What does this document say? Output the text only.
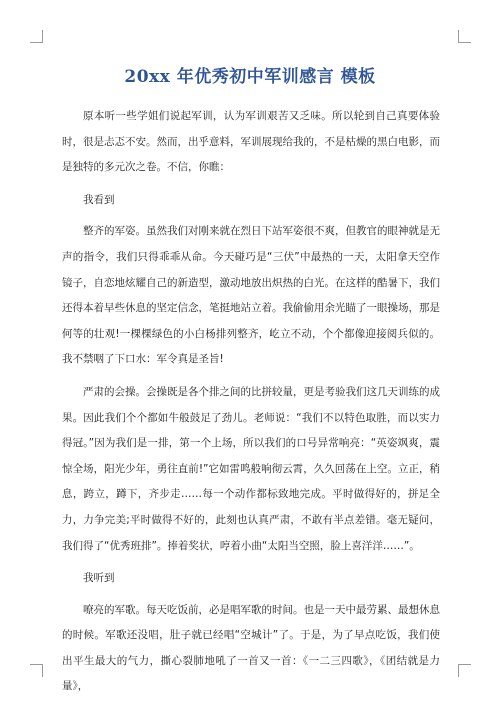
20xx 年优秀初中军训感言 模板

原本听一些学姐们说起军训，认为军训艰苦又乏味。所以轮到自己真要体验时，很是忐忑不安。然而，出乎意料，军训展现给我的，不是枯燥的黑白电影，而是独特的多元次之卷。不信，你瞧：

我看到

整齐的军姿。虽然我们对刚来就在烈日下站军姿很不爽，但教官的眼神就是无声的指令，我们只得乖乖从命。今天碰巧是“三伏”中最热的一天，太阳拿天空作镜子，自恋地炫耀自己的新造型，激动地放出炽热的白光。在这样的酷暑下，我们还得本着早些休息的坚定信念，笔挺地站立着。我偷偷用余光瞄了一眼操场，那是何等的壮观!一棵棵绿色的小白杨排列整齐，屹立不动，个个都像迎接阅兵似的。我不禁咽了下口水：军令真是圣旨!

严肃的会操。会操既是各个排之间的比拼较量，更是考验我们这几天训练的成果。因此我们个个都如牛般鼓足了劲儿。老师说：“我们不以特色取胜，而以实力得冠。”因为我们是一排，第一个上场，所以我们的口号异常响亮：“英姿飒爽，震惊全场，阳光少年，勇往直前!”它如雷鸣般响彻云霄，久久回荡在上空。立正，稍息，跨立，蹲下，齐步走……每一个动作都标致地完成。平时做得好的，拼足全力，力争完美;平时做得不好的，此刻也认真严肃，不敢有半点差错。毫无疑问，我们得了“优秀班排”。捧着奖状，哼着小曲“太阳当空照，脸上喜洋洋……”。

我听到

嘹亮的军歌。每天吃饭前，必是唱军歌的时间。也是一天中最劳累、最想休息的时候。军歌还没唱，肚子就已经唱“空城计”了。于是，为了早点吃饭，我们使出平生最大的气力，撕心裂肺地吼了一首又一首：《一二三四歌》，《团结就是力量》，
